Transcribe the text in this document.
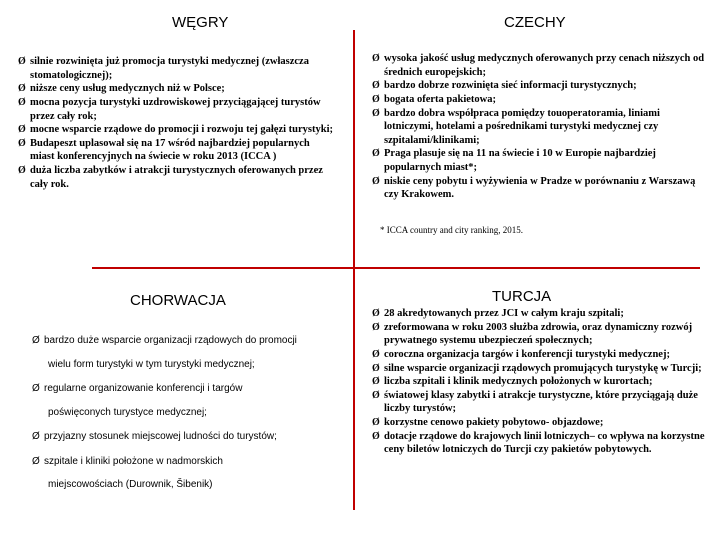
WĘGRY
Ø silnie rozwinięta już promocja turystyki medycznej (zwłaszcza stomatologicznej);
Ø niższe ceny usług medycznych niż w Polsce;
Ø mocna pozycja turystyki uzdrowiskowej przyciągającej turystów przez cały rok;
Ø mocne wsparcie rządowe do promocji i rozwoju tej gałęzi turystyki;
Ø Budapeszt uplasował się na 17 wśród najbardziej popularnych miast konferencyjnych na świecie w roku 2013 (ICCA )
Ø duża liczba zabytków i atrakcji turystycznych oferowanych przez cały rok.
CZECHY
Ø wysoka jakość usług medycznych oferowanych przy cenach niższych od średnich europejskich;
Ø bardzo dobrze rozwinięta sieć informacji turystycznych;
Ø bogata oferta pakietowa;
Ø bardzo dobra współpraca pomiędzy touoperatoramia, liniami lotniczymi, hotelami a pośrednikami turystyki medycznej czy szpitalami/klinikami;
Ø Praga plasuje się na 11 na świecie i 10 w Europie najbardziej popularnych miast*;
Ø niskie ceny pobytu i wyżywienia w Pradze w porównaniu z Warszawą czy Krakowem.
* ICCA country and city ranking, 2015.
CHORWACJA
Ø bardzo duże wsparcie organizacji rządowych do promocji
wielu form turystyki w tym turystyki medycznej;
Ø regularne organizowanie konferencji i targów
poświęconych turystyce medycznej;
Ø przyjazny stosunek miejscowej ludności do turystów;
Ø szpitale i kliniki położone w nadmorskich
miejscowościach (Durownik, Šibenik)
TURCJA
Ø 28 akredytowanych przez JCI w całym kraju szpitali;
Ø zreformowana w roku 2003 służba zdrowia, oraz dynamiczny rozwój prywatnego systemu ubezpieczeń społecznych;
Ø coroczna organizacja targów i konferencji turystyki medycznej;
Ø silne wsparcie organizacji rządowych promujących turystykę w Turcji;
Ø liczba szpitali i klinik medycznych położonych w kurortach;
Ø światowej klasy zabytki i atrakcje turystyczne, które przyciągają duże liczby turystów;
Ø korzystne cenowo pakiety pobytowo- objazdowe;
Ø dotacje rządowe do krajowych linii lotniczych– co wpływa na korzystne ceny biletów lotniczych do Turcji czy pakietów pobytowych.
